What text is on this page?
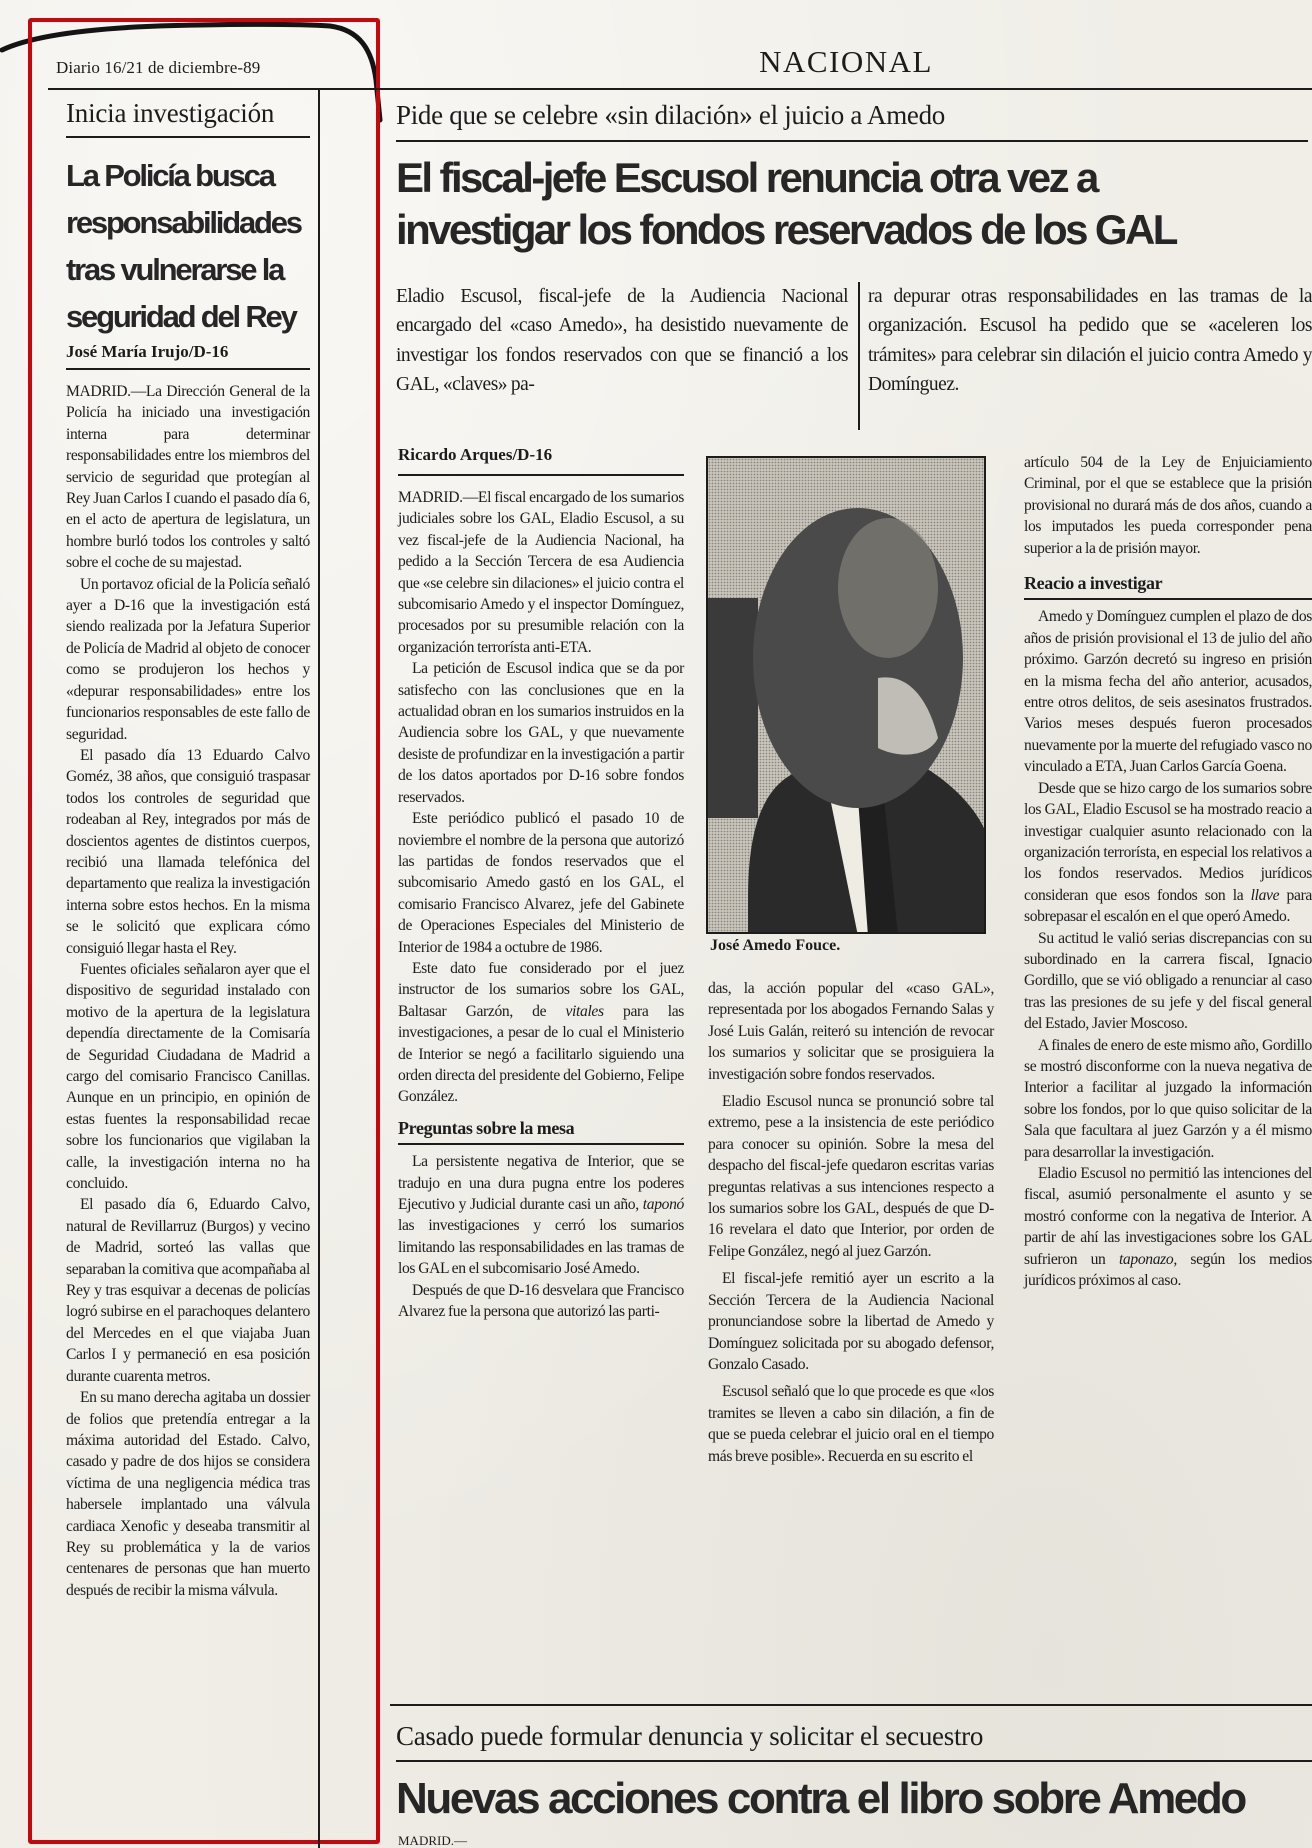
Diario 16/21 de diciembre-89	NACIONAL
Inicia investigación
La Policía busca
responsabilidades
tras vulnerarse la
seguridad del Rey
José María Irujo/D-16

MADRID.—La Dirección General de la Policía ha iniciado una investigación interna para determinar responsabilidades entre los miembros del servicio de seguridad que protegían al Rey Juan Carlos I cuando el pasado día 6, en el acto de apertura de legislatura, un hombre burló todos los controles y saltó sobre el coche de su majestad.

Un portavoz oficial de la Policía señaló ayer a D-16 que la investigación está siendo realizada por la Jefatura Superior de Policía de Madrid al objeto de conocer como se produjeron los hechos y «depurar responsabilidades» entre los funcionarios responsables de este fallo de seguridad.

El pasado día 13 Eduardo Calvo Goméz, 38 años, que consiguió traspasar todos los controles de seguridad que rodeaban al Rey, integrados por más de doscientos agentes de distintos cuerpos, recibió una llamada telefónica del departamento que realiza la investigación interna sobre estos hechos. En la misma se le solicitó que explicara cómo consiguió llegar hasta el Rey.

Fuentes oficiales señalaron ayer que el dispositivo de seguridad instalado con motivo de la apertura de la legislatura dependía directamente de la Comisaría de Seguridad Ciudadana de Madrid a cargo del comisario Francisco Canillas. Aunque en un principio, en opinión de estas fuentes la responsabilidad recae sobre los funcionarios que vigilaban la calle, la investigación interna no ha concluido.

El pasado día 6, Eduardo Calvo, natural de Revillarruz (Burgos) y vecino de Madrid, sorteó las vallas que separaban la comitiva que acompañaba al Rey y tras esquivar a decenas de policías logró subirse en el parachoques delantero del Mercedes en el que viajaba Juan Carlos I y permaneció en esa posición durante cuarenta metros.

En su mano derecha agitaba un dossier de folios que pretendía entregar a la máxima autoridad del Estado. Calvo, casado y padre de dos hijos se considera víctima de una negligencia médica tras habersele implantado una válvula cardiaca Xenofic y deseaba transmitir al Rey su problemática y la de varios centenares de personas que han muerto después de recibir la misma válvula.

Pide que se celebre «sin dilación» el juicio a Amedo
El fiscal-jefe Escusol renuncia otra vez a
investigar los fondos reservados de los GAL
Eladio Escusol, fiscal-jefe de la Audiencia Nacional encargado del «caso Amedo», ha desistido nuevamente de investigar los fondos reservados con que se financió a los GAL, «claves» pa-
ra depurar otras responsabilidades en las tramas de la organización. Escusol ha pedido que se «aceleren los trámites» para celebrar sin dilación el juicio contra Amedo y Domínguez.
Ricardo Arques/D-16

MADRID.—El fiscal encargado de los sumarios judiciales sobre los GAL, Eladio Escusol, a su vez fiscal-jefe de la Audiencia Nacional, ha pedido a la Sección Tercera de esa Audiencia que «se celebre sin dilaciones» el juicio contra el subcomisario Amedo y el inspector Domínguez, procesados por su presumible relación con la organización terrorísta anti-ETA.

La petición de Escusol indica que se da por satisfecho con las conclusiones que en la actualidad obran en los sumarios instruidos en la Audiencia sobre los GAL, y que nuevamente desiste de profundizar en la investigación a partir de los datos aportados por D-16 sobre fondos reservados.

Este periódico publicó el pasado 10 de noviembre el nombre de la persona que autorizó las partidas de fondos reservados que el subcomisario Amedo gastó en los GAL, el comisario Francisco Alvarez, jefe del Gabinete de Operaciones Especiales del Ministerio de Interior de 1984 a octubre de 1986.

Este dato fue considerado por el juez instructor de los sumarios sobre los GAL, Baltasar Garzón, de vitales para las investigaciones, a pesar de lo cual el Ministerio de Interior se negó a facilitarlo siguiendo una orden directa del presidente del Gobierno, Felipe González.

Preguntas sobre la mesa

La persistente negativa de Interior, que se tradujo en una dura pugna entre los poderes Ejecutivo y Judicial durante casi un año, taponó las investigaciones y cerró los sumarios limitando las responsabilidades en las tramas de los GAL en el subcomisario José Amedo.

Después de que D-16 desvelara que Francisco Alvarez fue la persona que autorizó las parti-

José Amedo Fouce.

das, la acción popular del «caso GAL», representada por los abogados Fernando Salas y José Luis Galán, reiteró su intención de revocar los sumarios y solicitar que se prosiguiera la investigación sobre fondos reservados.

Eladio Escusol nunca se pronunció sobre tal extremo, pese a la insistencia de este periódico para conocer su opinión. Sobre la mesa del despacho del fiscal-jefe quedaron escritas varias preguntas relativas a sus intenciones respecto a los sumarios sobre los GAL, después de que D-16 revelara el dato que Interior, por orden de Felipe González, negó al juez Garzón.

El fiscal-jefe remitió ayer un escrito a la Sección Tercera de la Audiencia Nacional pronunciandose sobre la libertad de Amedo y Domínguez solicitada por su abogado defensor, Gonzalo Casado.

Escusol señaló que lo que procede es que «los tramites se lleven a cabo sin dilación, a fin de que se pueda celebrar el juicio oral en el tiempo más breve posible». Recuerda en su escrito el

artículo 504 de la Ley de Enjuiciamiento Criminal, por el que se establece que la prisión provisional no durará más de dos años, cuando a los imputados les pueda corresponder pena superior a la de prisión mayor.

Reacio a investigar

Amedo y Domínguez cumplen el plazo de dos años de prisión provisional el 13 de julio del año próximo. Garzón decretó su ingreso en prisión en la misma fecha del año anterior, acusados, entre otros delitos, de seis asesinatos frustrados. Varios meses después fueron procesados nuevamente por la muerte del refugiado vasco no vinculado a ETA, Juan Carlos García Goena.

Desde que se hizo cargo de los sumarios sobre los GAL, Eladio Escusol se ha mostrado reacio a investigar cualquier asunto relacionado con la organización terrorísta, en especial los relativos a los fondos reservados. Medios jurídicos consideran que esos fondos son la llave para sobrepasar el escalón en el que operó Amedo.

Su actitud le valió serias discrepancias con su subordinado en la carrera fiscal, Ignacio Gordillo, que se vió obligado a renunciar al caso tras las presiones de su jefe y del fiscal general del Estado, Javier Moscoso.

A finales de enero de este mismo año, Gordillo se mostró disconforme con la nueva negativa de Interior a facilitar al juzgado la información sobre los fondos, por lo que quiso solicitar de la Sala que facultara al juez Garzón y a él mismo para desarrollar la investigación.

Eladio Escusol no permitió las intenciones del fiscal, asumió personalmente el asunto y se mostró conforme con la negativa de Interior. A partir de ahí las investigaciones sobre los GAL sufrieron un taponazo, según los medios jurídicos próximos al caso.

Casado puede formular denuncia y solicitar el secuestro
Nuevas acciones contra el libro sobre Amedo
MADRID.—
